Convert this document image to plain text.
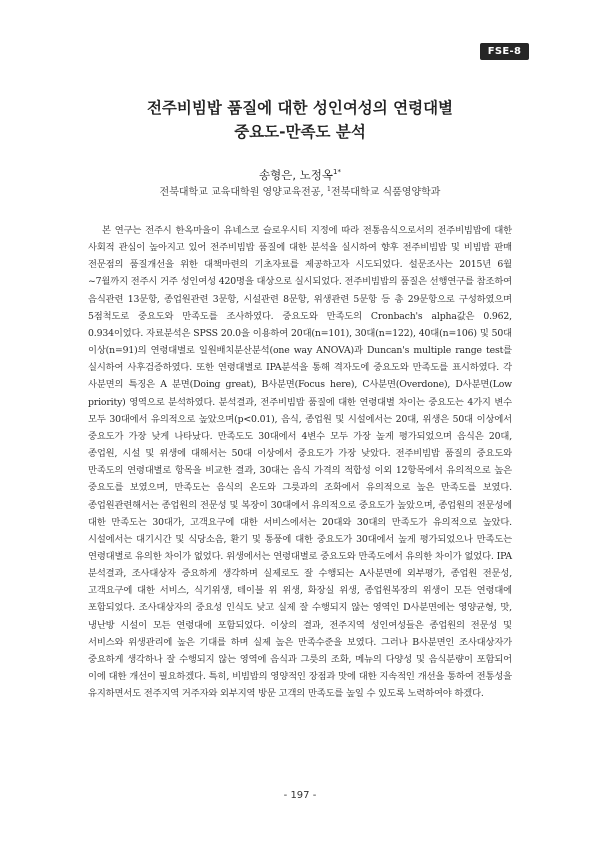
FSE-8
전주비빔밥 품질에 대한 성인여성의 연령대별
중요도-만족도 분석

송형은, 노정옥$^{1*}$

전북대학교 교육대학원 영양교육전공, $^1$전북대학교 식품영양학과

본 연구는 전주시 한옥마을이 유네스코 슬로우시티 지정에 따라 전통음식으로서의 전주비빔밥에 대한 사회적 관심이 높아지고 있어 전주비빔밥 품질에 대한 분석을 실시하여 향후 전주비빔밥 및 비빔밥 판매 전문점의 품질개선을 위한 대책마련의 기초자료를 제공하고자 시도되었다. 설문조사는 2015년 6월~7월까지 전주시 거주 성인여성 420명을 대상으로 실시되었다. 전주비빔밥의 품질은 선행연구를 참조하여 음식관련 13문항, 종업원관련 3문항, 시설관련 8문항, 위생관련 5문항 등 총 29문항으로 구성하였으며 5점척도로 중요도와 만족도를 조사하였다. 중요도와 만족도의 Cronbach's alpha값은 0.962, 0.934이었다. 자료분석은 SPSS 20.0을 이용하여 20대(n=101), 30대(n=122), 40대(n=106) 및 50대 이상(n=91)의 연령대별로 일원배치분산분석(one way ANOVA)과 Duncan's multiple range test를 실시하여 사후검증하였다. 또한 연령대별로 IPA분석을 통해 격자도에 중요도와 만족도를 표시하였다. 각 사분면의 특징은 A 분면(Doing great), B사분면(Focus here), C사분면(Overdone), D사분면(Low priority) 영역으로 분석하였다. 분석결과, 전주비빔밥 품질에 대한 연령대별 차이는 중요도는 4가지 변수 모두 30대에서 유의적으로 높았으며(p<0.01), 음식, 종업원 및 시설에서는 20대, 위생은 50대 이상에서 중요도가 가장 낮게 나타났다. 만족도도 30대에서 4변수 모두 가장 높게 평가되었으며 음식은 20대, 종업원, 시설 및 위생에 대해서는 50대 이상에서 중요도가 가장 낮았다. 전주비빔밥 품질의 중요도와 만족도의 연령대별로 항목을 비교한 결과, 30대는 음식 가격의 적합성 이외 12항목에서 유의적으로 높은 중요도를 보였으며, 만족도는 음식의 온도와 그릇과의 조화에서 유의적으로 높은 만족도를 보였다. 종업원관련해서는 종업원의 전문성 및 복장이 30대에서 유의적으로 중요도가 높았으며, 종업원의 전문성에 대한 만족도는 30대가, 고객요구에 대한 서비스에서는 20대와 30대의 만족도가 유의적으로 높았다. 시설에서는 대기시간 및 식당소음, 환기 및 통풍에 대한 중요도가 30대에서 높게 평가되었으나 만족도는 연령대별로 유의한 차이가 없었다. 위생에서는 연령대별로 중요도와 만족도에서 유의한 차이가 없었다. IPA 분석결과, 조사대상자 중요하게 생각하며 실제로도 잘 수행되는 A사분면에 외부평가, 종업원 전문성, 고객요구에 대한 서비스, 식기위생, 테이블 위 위생, 화장실 위생, 종업원복장의 위생이 모든 연령대에 포함되었다. 조사대상자의 중요성 인식도 낮고 실제 잘 수행되지 않는 영역인 D사분면에는 영양균형, 맛, 냉난방 시설이 모든 연령대에 포함되었다. 이상의 결과, 전주지역 성인여성들은 종업원의 전문성 및 서비스와 위생관리에 높은 기대를 하며 실제 높은 만족수준을 보였다. 그러나 B사분면인 조사대상자가 중요하게 생각하나 잘 수행되지 않는 영역에 음식과 그릇의 조화, 메뉴의 다양성 및 음식분량이 포함되어 이에 대한 개선이 필요하겠다. 특히, 비빔밥의 영양적인 장점과 맛에 대한 지속적인 개선을 통하여 전통성을 유지하면서도 전주지역 거주자와 외부지역 방문 고객의 만족도를 높일 수 있도록 노력하여야 하겠다.

- 197 -
